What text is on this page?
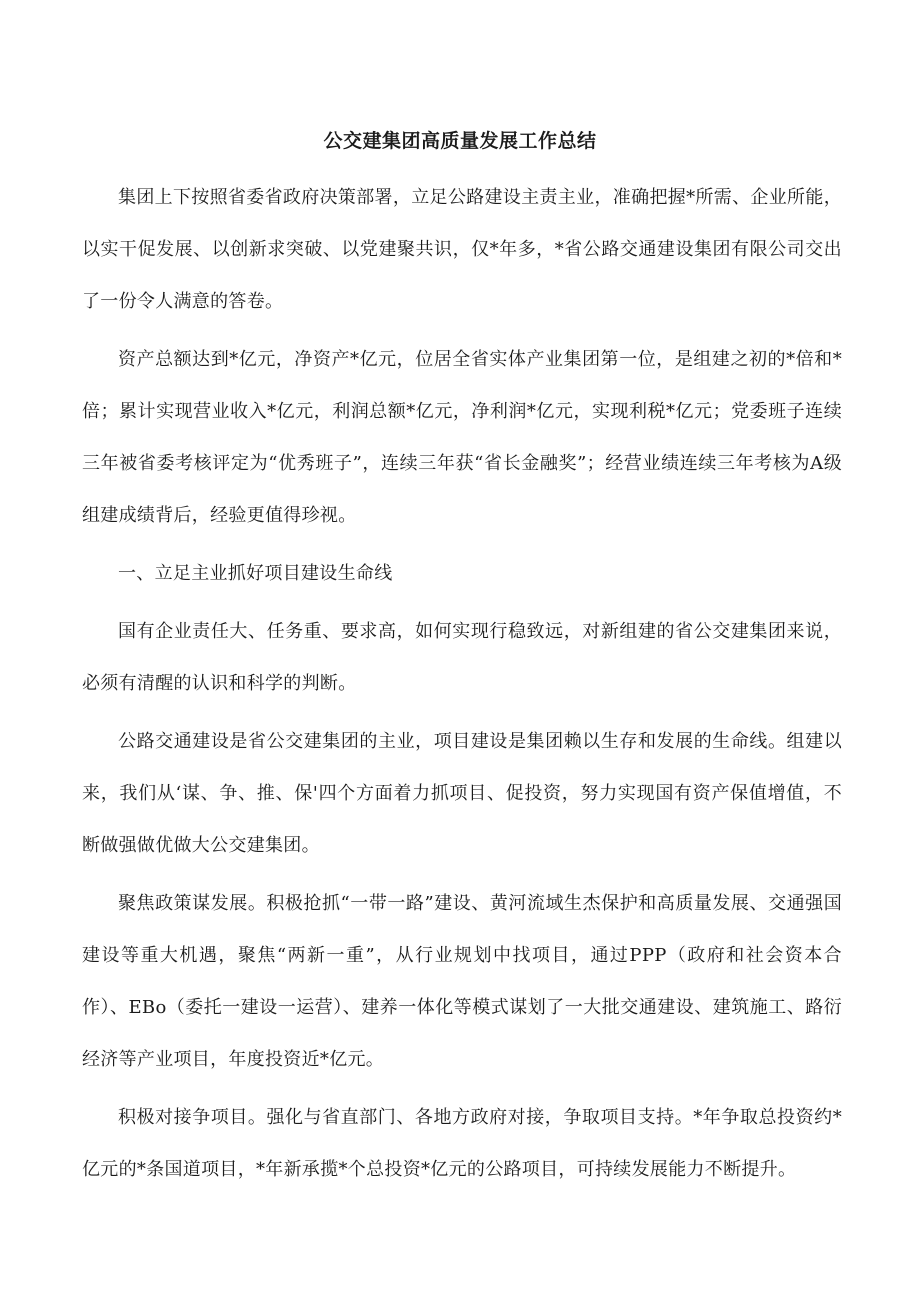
公交建集团高质量发展工作总结

集团上下按照省委省政府决策部署，立足公路建设主责主业，准确把握*所需、企业所能，以实干促发展、以创新求突破、以党建聚共识，仅*年多，*省公路交通建设集团有限公司交出了一份令人满意的答卷。

资产总额达到*亿元，净资产*亿元，位居全省实体产业集团第一位，是组建之初的*倍和*倍；累计实现营业收入*亿元，利润总额*亿元，净利润*亿元，实现利税*亿元；党委班子连续三年被省委考核评定为“优秀班子”，连续三年获“省长金融奖”；经营业绩连续三年考核为A级组建成绩背后，经验更值得珍视。

一、立足主业抓好项目建设生命线

国有企业责任大、任务重、要求高，如何实现行稳致远，对新组建的省公交建集团来说，必须有清醒的认识和科学的判断。

公路交通建设是省公交建集团的主业，项目建设是集团赖以生存和发展的生命线。组建以来，我们从‘谋、争、推、保'四个方面着力抓项目、促投资，努力实现国有资产保值增值，不断做强做优做大公交建集团。

聚焦政策谋发展。积极抢抓“一带一路”建设、黄河流域生杰保护和高质量发展、交通强国建设等重大机遇，聚焦“两新一重”，从行业规划中找项目，通过PPP（政府和社会资本合作）、EBo（委托一建设一运营）、建养一体化等模式谋划了一大批交通建设、建筑施工、路衍经济等产业项目，年度投资近*亿元。

积极对接争项目。强化与省直部门、各地方政府对接，争取项目支持。*年争取总投资约*亿元的*条国道项目，*年新承揽*个总投资*亿元的公路项目，可持续发展能力不断提升。
